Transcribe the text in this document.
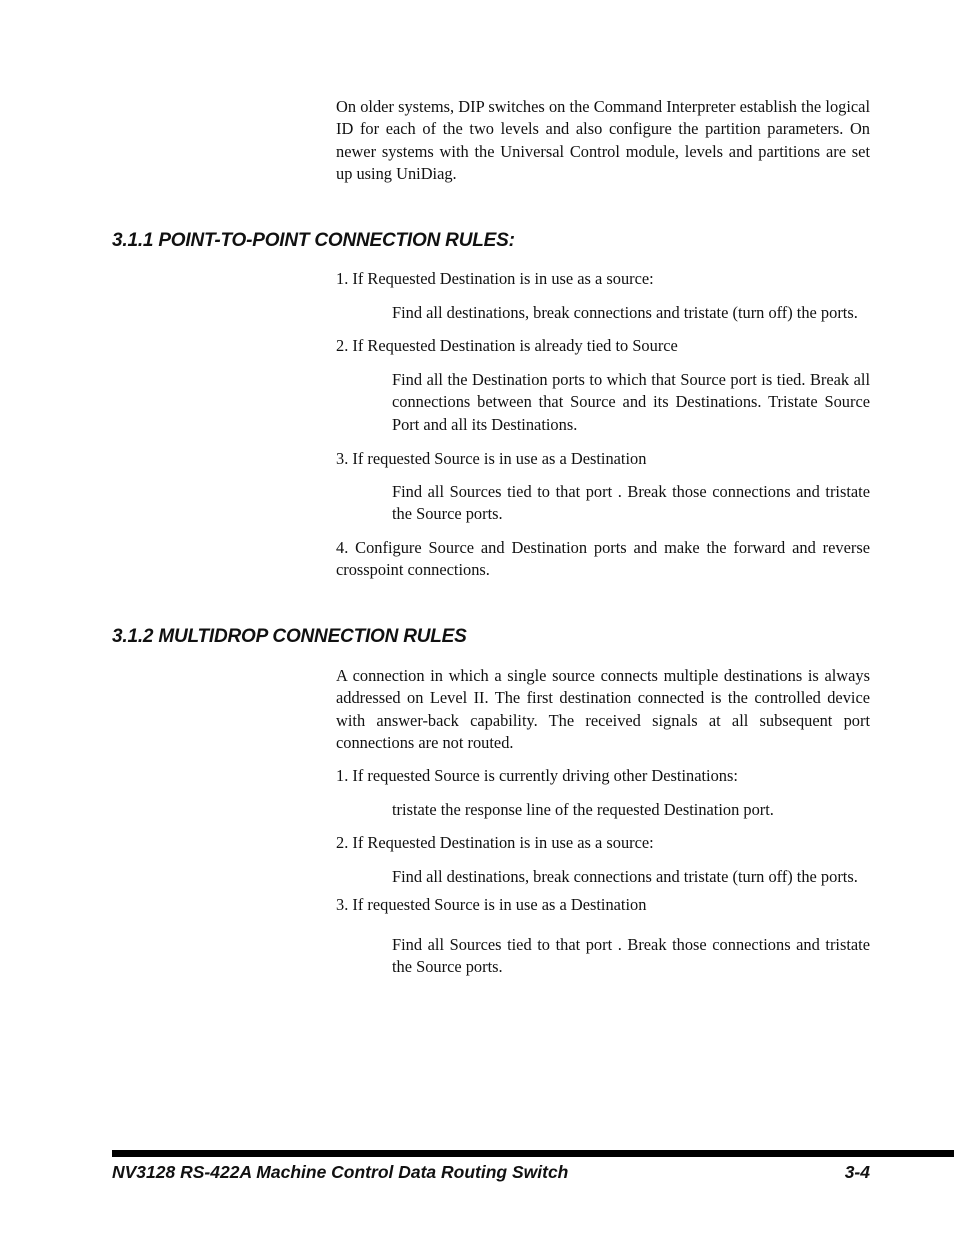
On older systems, DIP switches on the Command Interpreter establish the logical ID for each of the two levels and also configure the partition parameters. On newer systems with the Universal Control module, levels and partitions are set up using UniDiag.

3.1.1 POINT-TO-POINT CONNECTION RULES:

1. If Requested Destination is in use as a source:

Find all destinations, break connections and tristate (turn off) the ports.

2. If Requested Destination is already tied to Source

Find all the Destination ports to which that Source port is tied. Break all connections between that Source and its Destinations. Tristate Source Port and all its Destinations.

3. If requested Source is in use as a Destination

Find all Sources tied to that port . Break those connections and tristate the Source ports.

4. Configure Source and Destination ports and make the forward and reverse crosspoint connections.

3.1.2 MULTIDROP CONNECTION RULES

A connection in which a single source connects multiple destinations is always addressed on Level II. The first destination connected is the controlled device with answer-back capability. The received signals at all subsequent port connections are not routed.

1. If requested Source is currently driving other Destinations:

tristate the response line of the requested Destination port.

2. If Requested Destination is in use as a source:

Find all destinations, break connections and tristate (turn off) the ports.

3. If requested Source is in use as a Destination

Find all Sources tied to that port . Break those connections and tristate the Source ports.

NV3128 RS-422A Machine Control Data Routing Switch	3-4
